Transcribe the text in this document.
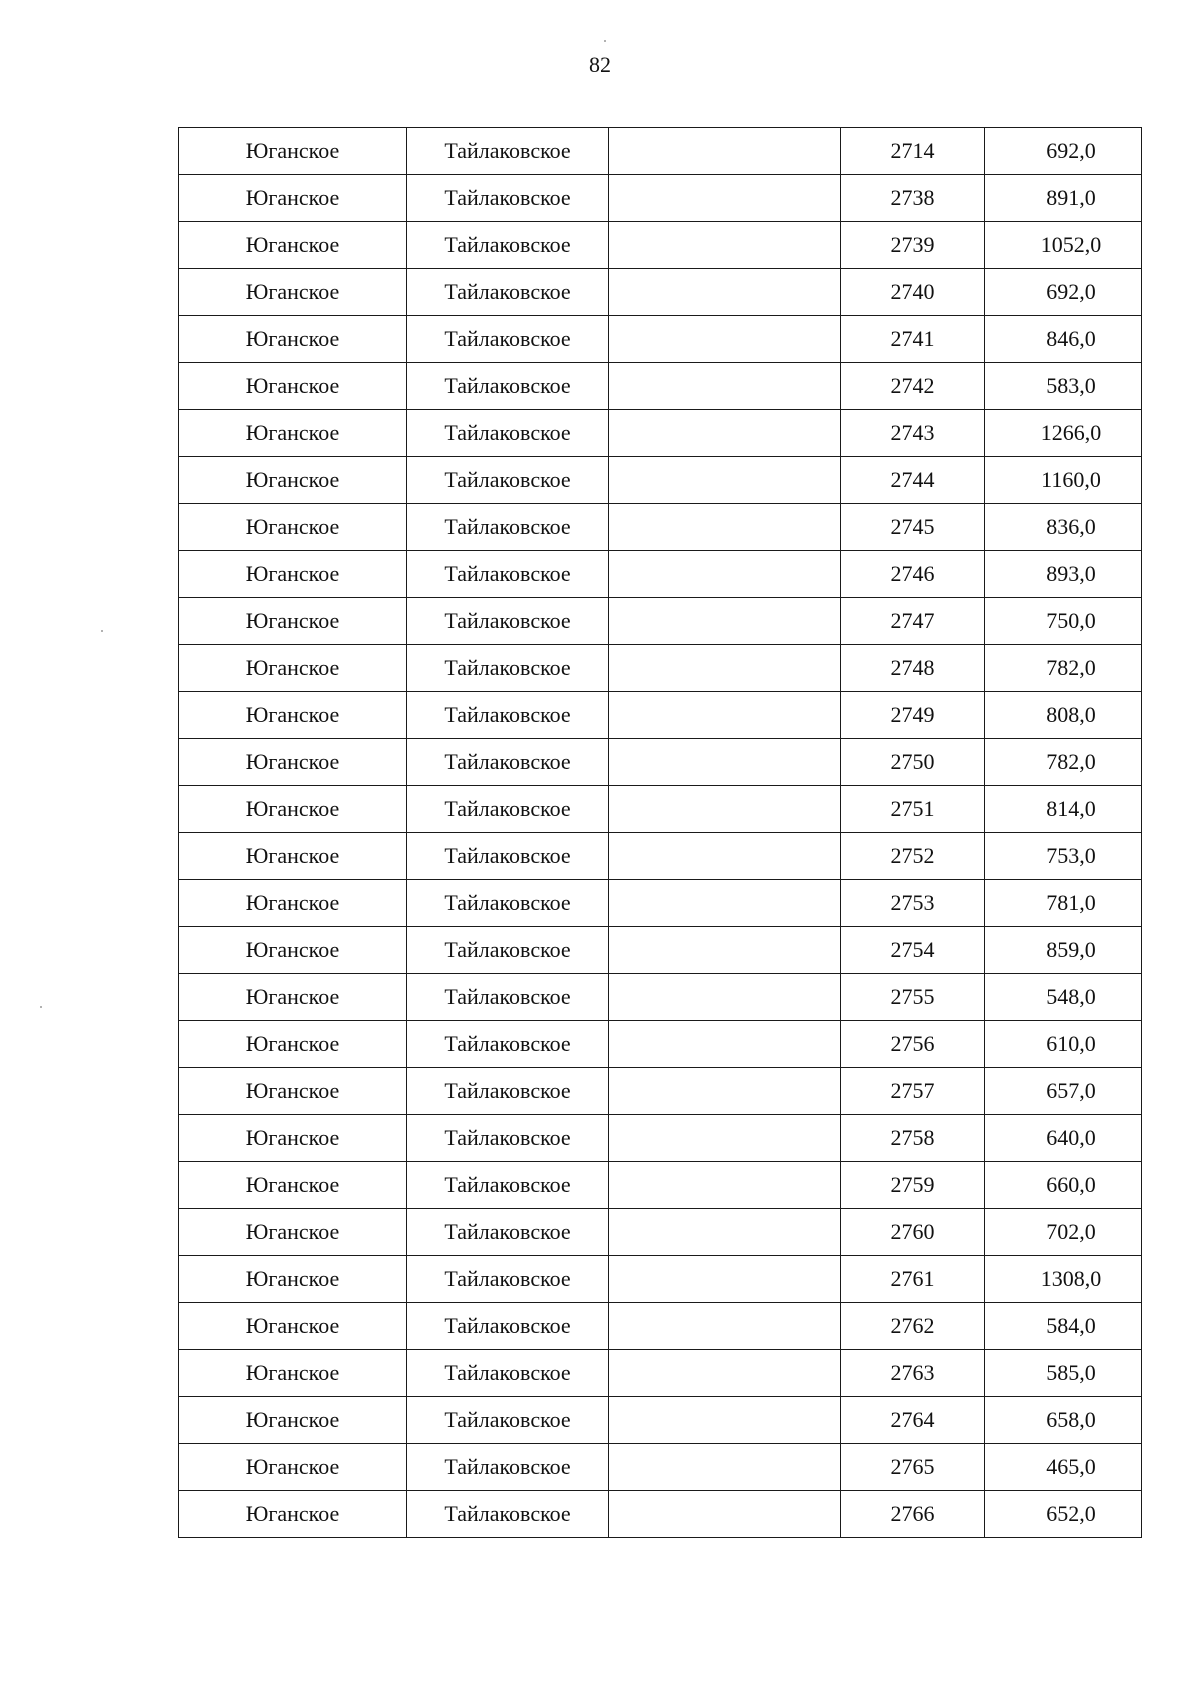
82
Юганское	Тайлаковское		2714	692,0
Юганское	Тайлаковское		2738	891,0
Юганское	Тайлаковское		2739	1052,0
Юганское	Тайлаковское		2740	692,0
Юганское	Тайлаковское		2741	846,0
Юганское	Тайлаковское		2742	583,0
Юганское	Тайлаковское		2743	1266,0
Юганское	Тайлаковское		2744	1160,0
Юганское	Тайлаковское		2745	836,0
Юганское	Тайлаковское		2746	893,0
Юганское	Тайлаковское		2747	750,0
Юганское	Тайлаковское		2748	782,0
Юганское	Тайлаковское		2749	808,0
Юганское	Тайлаковское		2750	782,0
Юганское	Тайлаковское		2751	814,0
Юганское	Тайлаковское		2752	753,0
Юганское	Тайлаковское		2753	781,0
Юганское	Тайлаковское		2754	859,0
Юганское	Тайлаковское		2755	548,0
Юганское	Тайлаковское		2756	610,0
Юганское	Тайлаковское		2757	657,0
Юганское	Тайлаковское		2758	640,0
Юганское	Тайлаковское		2759	660,0
Юганское	Тайлаковское		2760	702,0
Юганское	Тайлаковское		2761	1308,0
Юганское	Тайлаковское		2762	584,0
Юганское	Тайлаковское		2763	585,0
Юганское	Тайлаковское		2764	658,0
Юганское	Тайлаковское		2765	465,0
Юганское	Тайлаковское		2766	652,0
